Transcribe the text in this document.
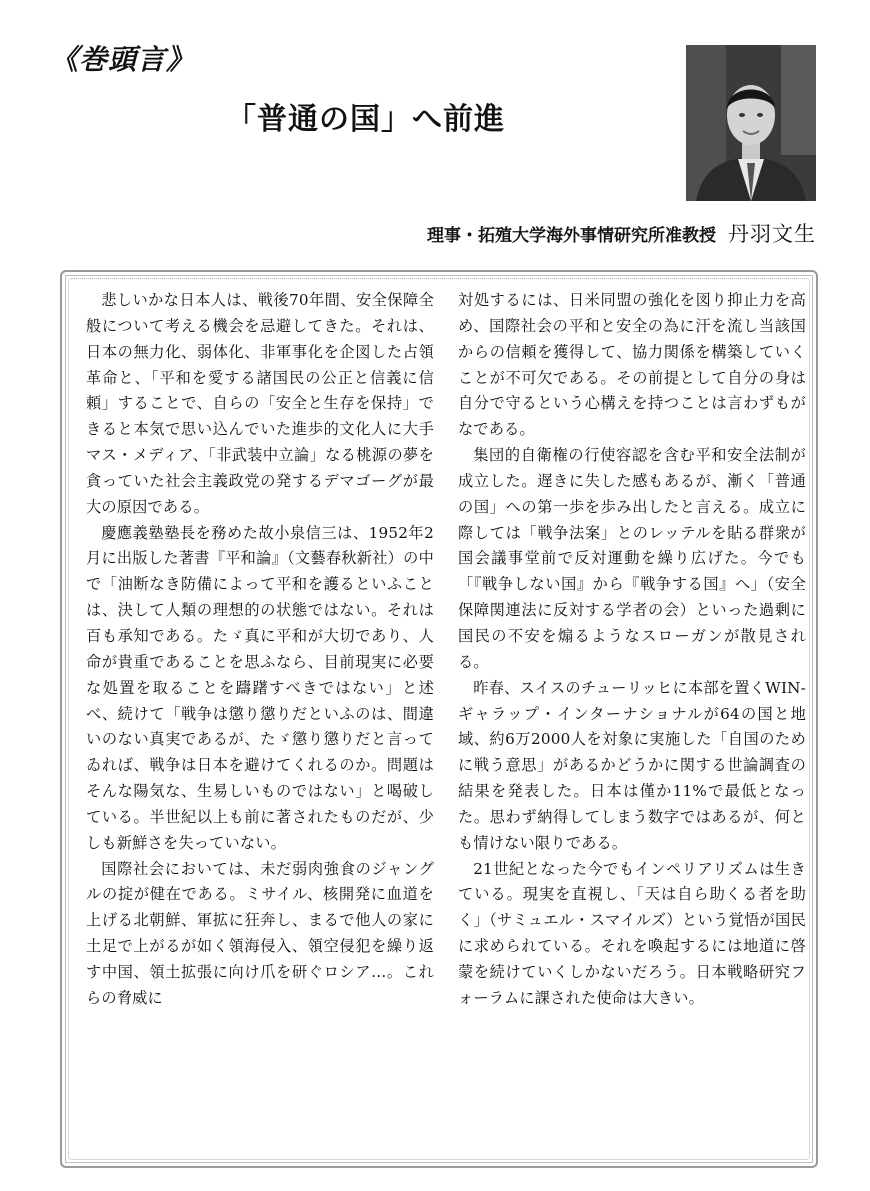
《巻頭言》
「普通の国」へ前進
理事・拓殖大学海外事情研究所准教授 丹羽文生

悲しいかな日本人は、戦後70年間、安全保障全般について考える機会を忌避してきた。それは、日本の無力化、弱体化、非軍事化を企図した占領革命と、「平和を愛する諸国民の公正と信義に信頼」することで、自らの「安全と生存を保持」できると本気で思い込んでいた進歩的文化人に大手マス・メディア、「非武装中立論」なる桃源の夢を貪っていた社会主義政党の発するデマゴーグが最大の原因である。

慶應義塾塾長を務めた故小泉信三は、1952年2月に出版した著書『平和論』（文藝春秋新社）の中で「油断なき防備によって平和を護るといふことは、決して人類の理想的の状態ではない。それは百も承知である。たゞ真に平和が大切であり、人命が貴重であることを思ふなら、目前現実に必要な処置を取ることを躊躇すべきではない」と述べ、続けて「戦争は懲り懲りだといふのは、間違いのない真実であるが、たゞ懲り懲りだと言ってゐれば、戦争は日本を避けてくれるのか。問題はそんな陽気な、生易しいものではない」と喝破している。半世紀以上も前に著されたものだが、少しも新鮮さを失っていない。

国際社会においては、未だ弱肉強食のジャングルの掟が健在である。ミサイル、核開発に血道を上げる北朝鮮、軍拡に狂奔し、まるで他人の家に土足で上がるが如く領海侵入、領空侵犯を繰り返す中国、領土拡張に向け爪を研ぐロシア…。これらの脅威に

対処するには、日米同盟の強化を図り抑止力を高め、国際社会の平和と安全の為に汗を流し当該国からの信頼を獲得して、協力関係を構築していくことが不可欠である。その前提として自分の身は自分で守るという心構えを持つことは言わずもがなである。

集団的自衛権の行使容認を含む平和安全法制が成立した。遅きに失した感もあるが、漸く「普通の国」への第一歩を歩み出したと言える。成立に際しては「戦争法案」とのレッテルを貼る群衆が国会議事堂前で反対運動を繰り広げた。今でも「『戦争しない国』から『戦争する国』へ」（安全保障関連法に反対する学者の会）といった過剰に国民の不安を煽るようなスローガンが散見される。

昨春、スイスのチューリッヒに本部を置くWIN-ギャラップ・インターナショナルが64の国と地域、約6万2000人を対象に実施した「自国のために戦う意思」があるかどうかに関する世論調査の結果を発表した。日本は僅か11%で最低となった。思わず納得してしまう数字ではあるが、何とも情けない限りである。

21世紀となった今でもインペリアリズムは生きている。現実を直視し、「天は自ら助くる者を助く」（サミュエル・スマイルズ）という覚悟が国民に求められている。それを喚起するには地道に啓蒙を続けていくしかないだろう。日本戦略研究フォーラムに課された使命は大きい。
